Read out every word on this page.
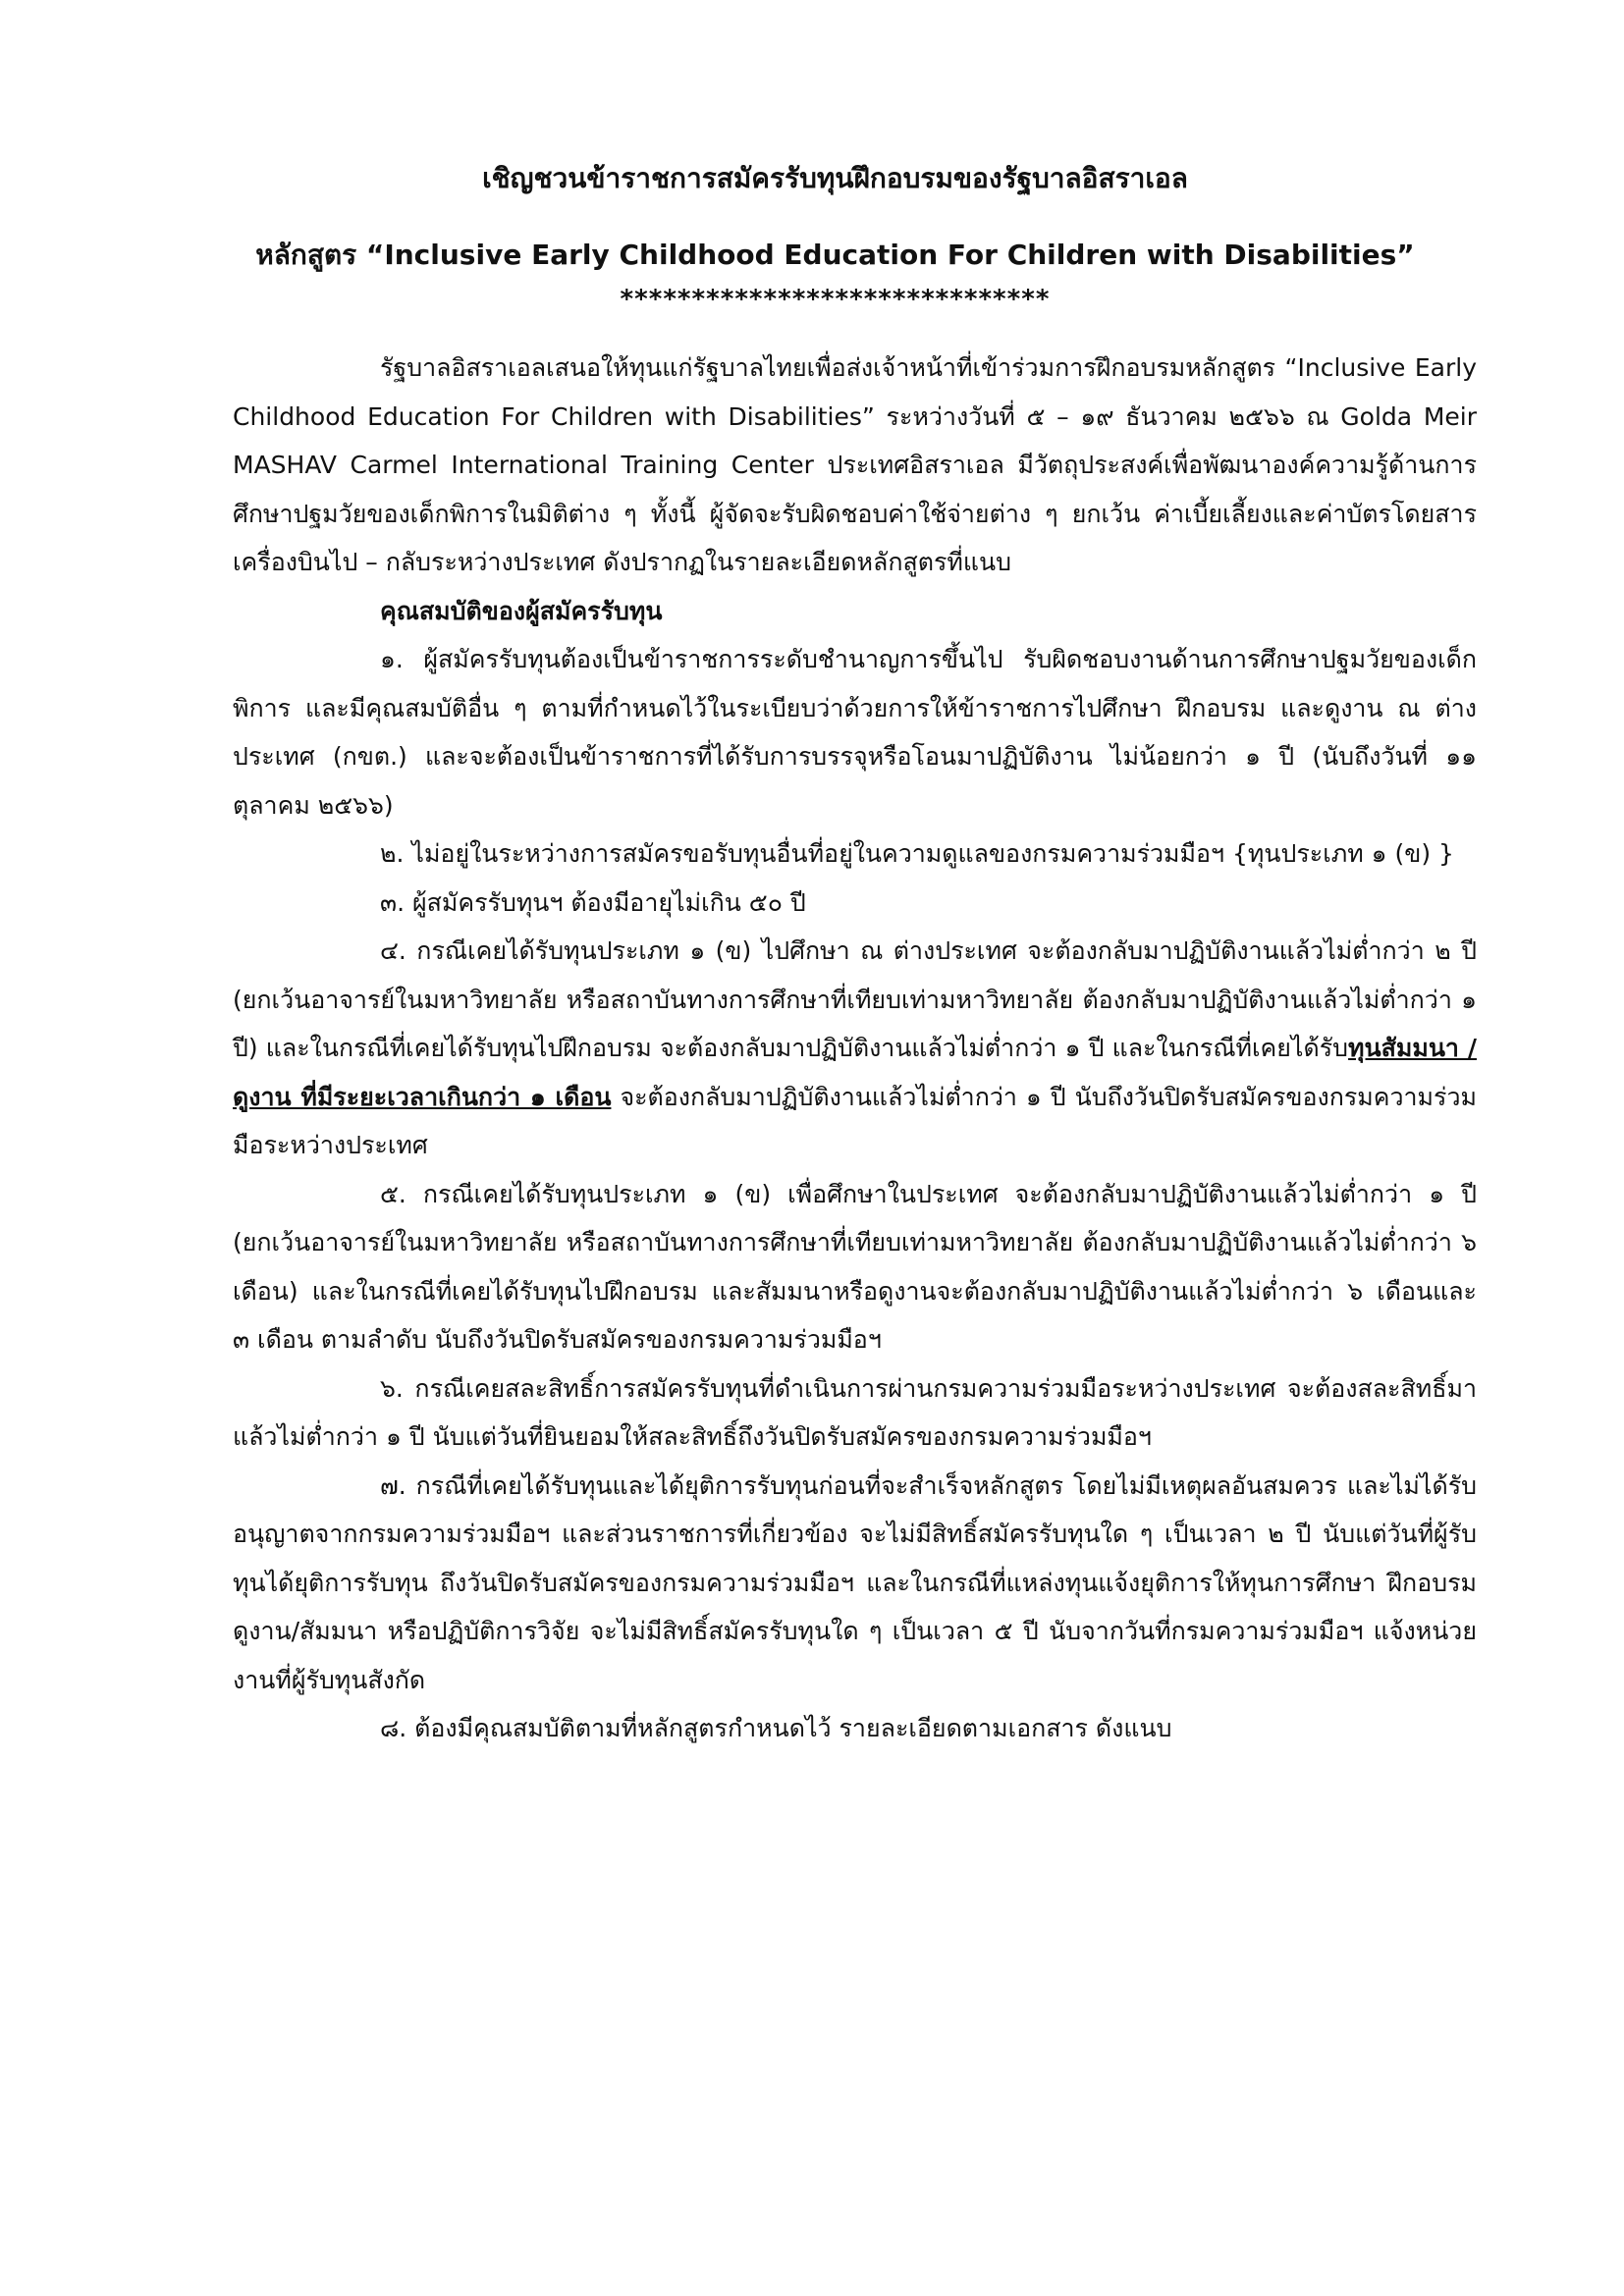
เชิญชวนข้าราชการสมัครรับทุนฝึกอบรมของรัฐบาลอิสราเอล
หลักสูตร “Inclusive Early Childhood Education For Children with Disabilities”
******************************

รัฐบาลอิสราเอลเสนอให้ทุนแก่รัฐบาลไทยเพื่อส่งเจ้าหน้าที่เข้าร่วมการฝึกอบรมหลักสูตร “Inclusive Early Childhood Education For Children with Disabilities” ระหว่างวันที่ ๕ – ๑๙ ธันวาคม ๒๕๖๖ ณ Golda Meir MASHAV Carmel International Training Center ประเทศอิสราเอล มีวัตถุประสงค์เพื่อพัฒนาองค์ความรู้ด้านการศึกษาปฐมวัยของเด็กพิการในมิติต่าง ๆ ทั้งนี้ ผู้จัดจะรับผิดชอบค่าใช้จ่ายต่าง ๆ ยกเว้น ค่าเบี้ยเลี้ยงและค่าบัตรโดยสารเครื่องบินไป – กลับระหว่างประเทศ ดังปรากฏในรายละเอียดหลักสูตรที่แนบ

คุณสมบัติของผู้สมัครรับทุน

๑. ผู้สมัครรับทุนต้องเป็นข้าราชการระดับชำนาญการขึ้นไป รับผิดชอบงานด้านการศึกษาปฐมวัยของเด็กพิการ และมีคุณสมบัติอื่น ๆ ตามที่กำหนดไว้ในระเบียบว่าด้วยการให้ข้าราชการไปศึกษา ฝึกอบรม และดูงาน ณ ต่างประเทศ (กขต.) และจะต้องเป็นข้าราชการที่ได้รับการบรรจุหรือโอนมาปฏิบัติงาน ไม่น้อยกว่า ๑ ปี (นับถึงวันที่ ๑๑ ตุลาคม ๒๕๖๖)

๒. ไม่อยู่ในระหว่างการสมัครขอรับทุนอื่นที่อยู่ในความดูแลของกรมความร่วมมือฯ {ทุนประเภท ๑ (ข) }

๓. ผู้สมัครรับทุนฯ ต้องมีอายุไม่เกิน ๕๐ ปี

๔. กรณีเคยได้รับทุนประเภท ๑ (ข) ไปศึกษา ณ ต่างประเทศ จะต้องกลับมาปฏิบัติงานแล้วไม่ต่ำกว่า ๒ ปี (ยกเว้นอาจารย์ในมหาวิทยาลัย หรือสถาบันทางการศึกษาที่เทียบเท่ามหาวิทยาลัย ต้องกลับมาปฏิบัติงานแล้วไม่ต่ำกว่า ๑ ปี) และในกรณีที่เคยได้รับทุนไปฝึกอบรม จะต้องกลับมาปฏิบัติงานแล้วไม่ต่ำกว่า ๑ ปี และในกรณีที่เคยได้รับทุนสัมมนา / ดูงาน ที่มีระยะเวลาเกินกว่า ๑ เดือน จะต้องกลับมาปฏิบัติงานแล้วไม่ต่ำกว่า ๑ ปี นับถึงวันปิดรับสมัครของกรมความร่วมมือระหว่างประเทศ

๕. กรณีเคยได้รับทุนประเภท ๑ (ข) เพื่อศึกษาในประเทศ จะต้องกลับมาปฏิบัติงานแล้วไม่ต่ำกว่า ๑ ปี (ยกเว้นอาจารย์ในมหาวิทยาลัย หรือสถาบันทางการศึกษาที่เทียบเท่ามหาวิทยาลัย ต้องกลับมาปฏิบัติงานแล้วไม่ต่ำกว่า ๖ เดือน) และในกรณีที่เคยได้รับทุนไปฝึกอบรม และสัมมนาหรือดูงานจะต้องกลับมาปฏิบัติงานแล้วไม่ต่ำกว่า ๖ เดือนและ ๓ เดือน ตามลำดับ นับถึงวันปิดรับสมัครของกรมความร่วมมือฯ

๖. กรณีเคยสละสิทธิ์การสมัครรับทุนที่ดำเนินการผ่านกรมความร่วมมือระหว่างประเทศ จะต้องสละสิทธิ์มาแล้วไม่ต่ำกว่า ๑ ปี นับแต่วันที่ยินยอมให้สละสิทธิ์ถึงวันปิดรับสมัครของกรมความร่วมมือฯ

๗. กรณีที่เคยได้รับทุนและได้ยุติการรับทุนก่อนที่จะสำเร็จหลักสูตร โดยไม่มีเหตุผลอันสมควร และไม่ได้รับอนุญาตจากกรมความร่วมมือฯ และส่วนราชการที่เกี่ยวข้อง จะไม่มีสิทธิ์สมัครรับทุนใด ๆ เป็นเวลา ๒ ปี นับแต่วันที่ผู้รับทุนได้ยุติการรับทุน ถึงวันปิดรับสมัครของกรมความร่วมมือฯ และในกรณีที่แหล่งทุนแจ้งยุติการให้ทุนการศึกษา ฝึกอบรม ดูงาน/สัมมนา หรือปฏิบัติการวิจัย จะไม่มีสิทธิ์สมัครรับทุนใด ๆ เป็นเวลา ๕ ปี นับจากวันที่กรมความร่วมมือฯ แจ้งหน่วยงานที่ผู้รับทุนสังกัด

๘. ต้องมีคุณสมบัติตามที่หลักสูตรกำหนดไว้ รายละเอียดตามเอกสาร ดังแนบ
